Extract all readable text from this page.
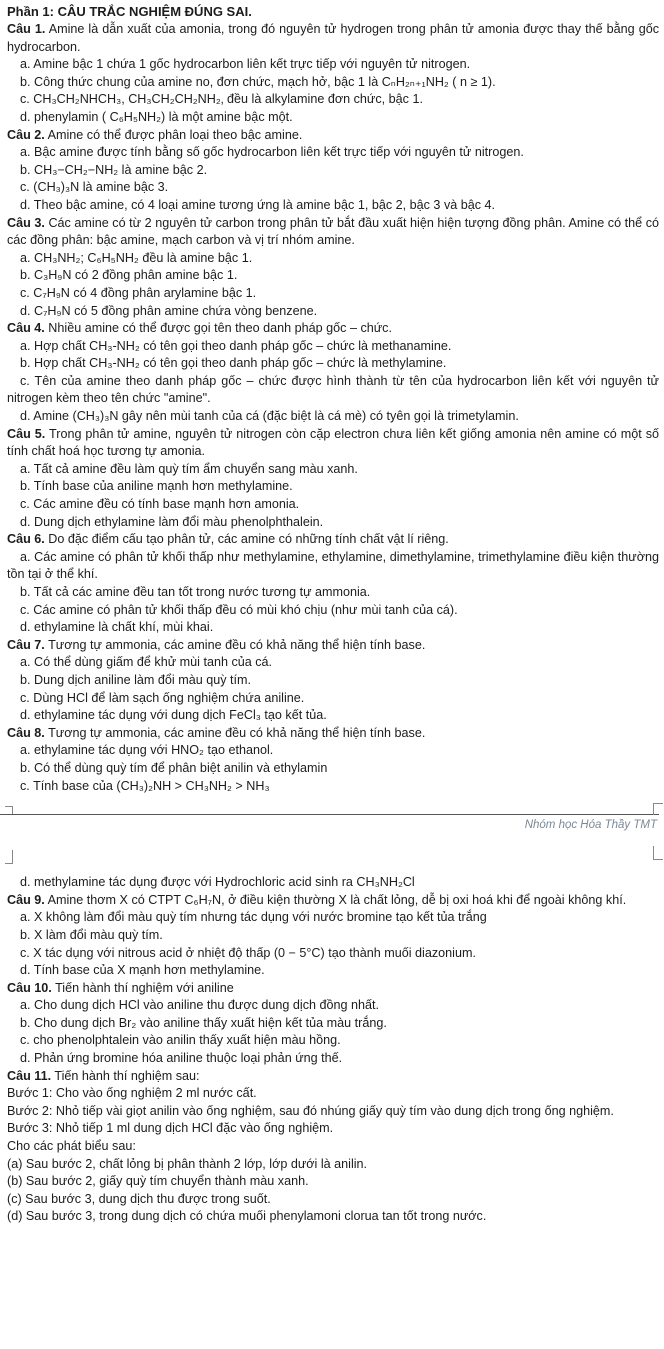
Phần 1: CÂU TRẮC NGHIỆM ĐÚNG SAI.
Câu 1. Amine là dẫn xuất của amonia, trong đó nguyên tử hydrogen trong phân tử amonia được thay thế bằng gốc hydrocarbon.
a. Amine bậc 1 chứa 1 gốc hydrocarbon liên kết trực tiếp với nguyên tử nitrogen.
b. Công thức chung của amine no, đơn chức, mạch hở, bậc 1 là CₙH₂ₙ₊₁NH₂ ( n ≥ 1).
c. CH₃CH₂NHCH₃, CH₃CH₂CH₂NH₂‚ đều là alkylamine đơn chức, bậc 1.
d. phenylamin ( C₆H₅NH₂) là một amine bậc một.
Câu 2. Amine có thể được phân loại theo bậc amine.
a. Bậc amine được tính bằng số gốc hydrocarbon liên kết trực tiếp với nguyên tử nitrogen.
b. CH₃−CH₂−NH₂ là amine bậc 2.
c. (CH₃)₃N là amine bậc 3.
d. Theo bậc amine, có 4 loại amine tương ứng là amine bậc 1, bậc 2, bậc 3 và bậc 4.
Câu 3. Các amine có từ 2 nguyên tử carbon trong phân tử bắt đầu xuất hiện hiện tượng đồng phân. Amine có thể có các đồng phân: bậc amine, mạch carbon và vị trí nhóm amine.
a. CH₃NH₂; C₆H₅NH₂ đều là amine bậc 1.
b. C₃H₉N có 2 đồng phân amine bậc 1.
c. C₇H₉N có 4 đồng phân arylamine bậc 1.
d. C₇H₉N có 5 đồng phân amine chứa vòng benzene.
Câu 4. Nhiều amine có thể được gọi tên theo danh pháp gốc – chức.
a. Hợp chất CH₃-NH₂ có tên gọi theo danh pháp gốc – chức là methanamine.
b. Hợp chất CH₃-NH₂ có tên gọi theo danh pháp gốc – chức là methylamine.
c. Tên của amine theo danh pháp gốc – chức được hình thành từ tên của hydrocarbon liên kết với nguyên tử nitrogen kèm theo tên chức "amine".
d. Amine (CH₃)₃N gây nên mùi tanh của cá (đặc biệt là cá mè) có tyên gọi là trimetylamin.
Câu 5. Trong phân tử amine, nguyên tử nitrogen còn cặp electron chưa liên kết giống amonia nên amine có một số tính chất hoá học tương tự amonia.
a. Tất cả amine đều làm quỳ tím ẩm chuyển sang màu xanh.
b. Tính base của aniline mạnh hơn methylamine.
c. Các amine đều có tính base mạnh hơn amonia.
d. Dung dịch ethylamine làm đổi màu phenolphthalein.
Câu 6. Do đặc điểm cấu tạo phân tử, các amine có những tính chất vật lí riêng.
a. Các amine có phân tử khối thấp như methylamine, ethylamine, dimethylamine, trimethylamine điều kiện thường tồn tại ở thể khí.
b. Tất cả các amine đều tan tốt trong nước tương tự ammonia.
c. Các amine có phân tử khối thấp đều có mùi khó chịu (như mùi tanh của cá).
d. ethylamine là chất khí, mùi khai.
Câu 7. Tương tự ammonia, các amine đều có khả năng thể hiện tính base.
a. Có thể dùng giấm để khử mùi tanh của cá.
b. Dung dịch aniline làm đổi màu quỳ tím.
c. Dùng HCl để làm sạch ống nghiệm chứa aniline.
d. ethylamine tác dụng với dung dịch FeCl₃ tạo kết tủa.
Câu 8. Tương tự ammonia, các amine đều có khả năng thể hiện tính base.
a. ethylamine tác dụng với HNO₂ tạo ethanol.
b. Có thể dùng quỳ tím để phân biệt anilin và ethylamin
c. Tính base của (CH₃)₂NH > CH₃NH₂ > NH₃
Nhóm học Hóa Thầy TMT
d. methylamine tác dụng được với Hydrochloric acid sinh ra CH₃NH₂Cl
Câu 9. Amine thơm X có CTPT C₆H₇N, ở điều kiện thường X là chất lỏng, dễ bị oxi hoá khi để ngoài không khí.
a. X không làm đổi màu quỳ tím nhưng tác dụng với nước bromine tạo kết tủa trắng
b. X làm đổi màu quỳ tím.
c. X tác dụng với nitrous acid ở nhiệt độ thấp (0 − 5°C) tạo thành muối diazonium.
d. Tính base của X mạnh hơn methylamine.
Câu 10. Tiến hành thí nghiệm với aniline
a. Cho dung dịch HCl vào aniline thu được dung dịch đồng nhất.
b. Cho dung dịch Br₂ vào aniline thấy xuất hiện kết tủa màu trắng.
c. cho phenolphtalein vào anilin thấy xuất hiện màu hồng.
d. Phản ứng bromine hóa aniline thuộc loại phản ứng thế.
Câu 11. Tiến hành thí nghiệm sau:
Bước 1: Cho vào ống nghiệm 2 ml nước cất.
Bước 2: Nhỏ tiếp vài giọt anilin vào ống nghiệm, sau đó nhúng giấy quỳ tím vào dung dịch trong ống nghiệm.
Bước 3: Nhỏ tiếp 1 ml dung dịch HCl đặc vào ống nghiệm.
Cho các phát biểu sau:
(a) Sau bước 2, chất lỏng bị phân thành 2 lớp, lớp dưới là anilin.
(b) Sau bước 2, giấy quỳ tím chuyển thành màu xanh.
(c) Sau bước 3, dung dịch thu được trong suốt.
(d) Sau bước 3, trong dung dịch có chứa muối phenylamoni clorua tan tốt trong nước.
